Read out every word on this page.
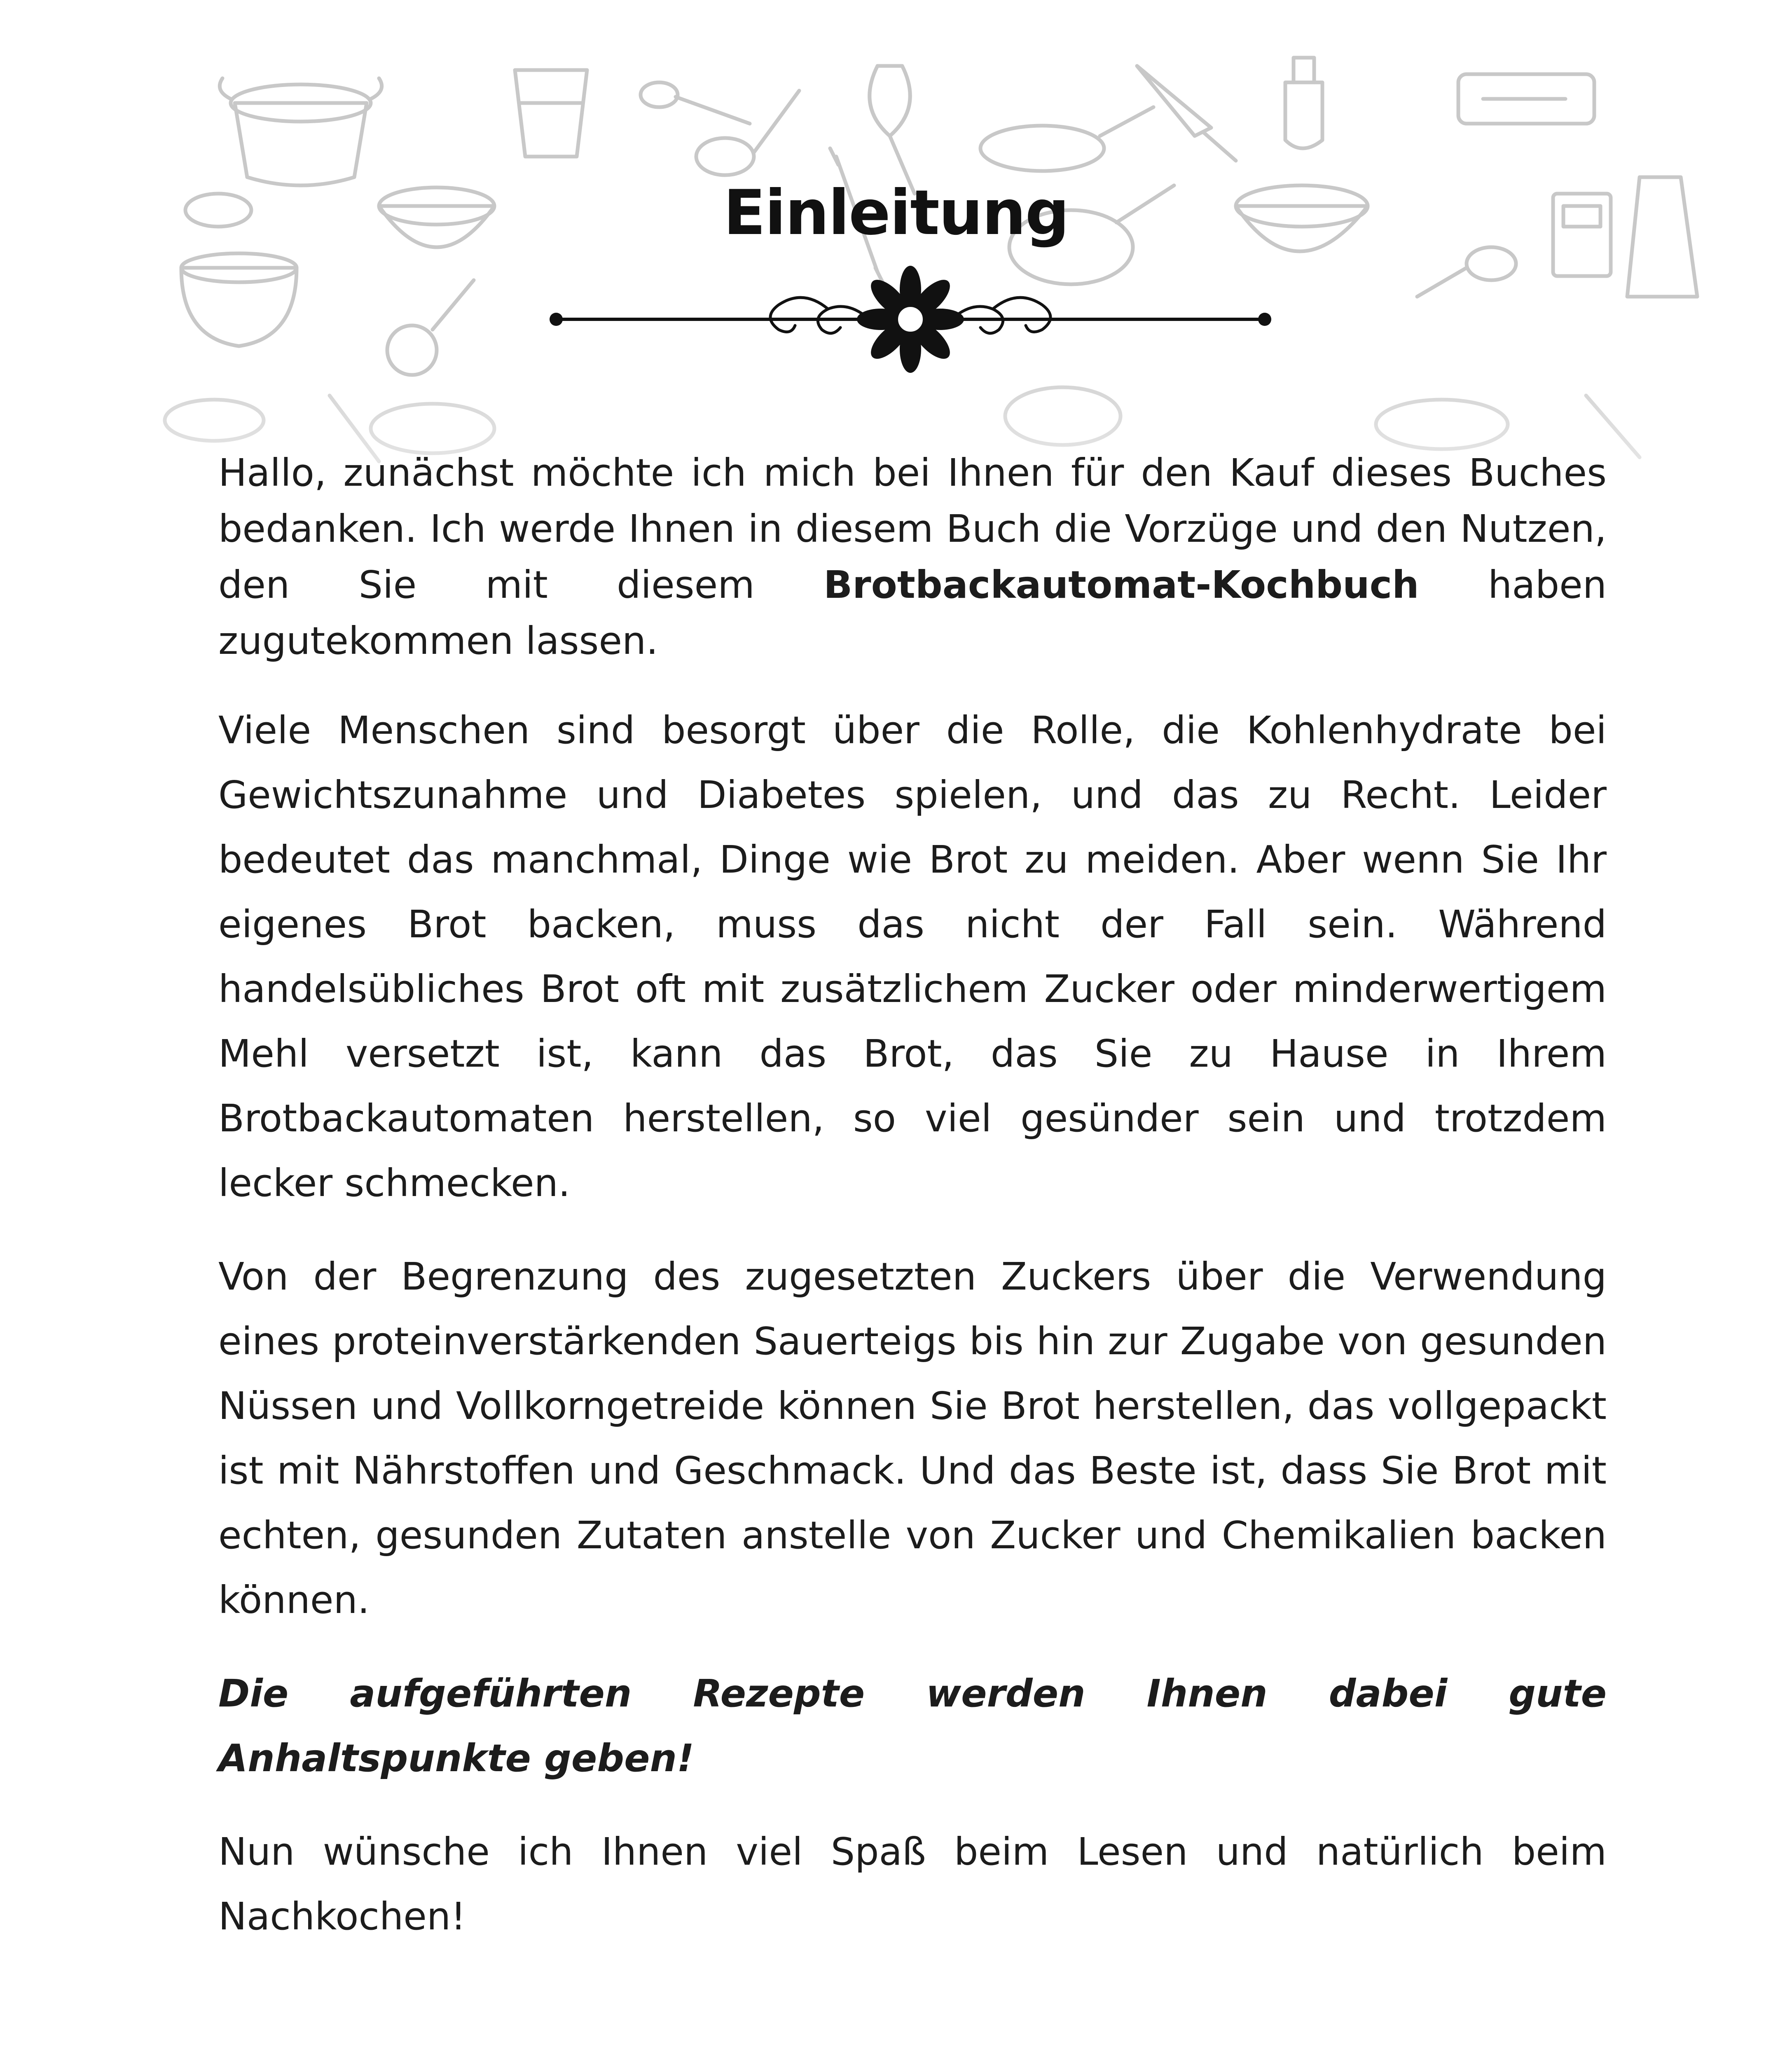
Einleitung

Hallo, zunächst möchte ich mich bei Ihnen für den Kauf dieses Buches bedanken. Ich werde Ihnen in diesem Buch die Vorzüge und den Nutzen, den Sie mit diesem Brotbackautomat-Kochbuch haben zugutekommen lassen.

Viele Menschen sind besorgt über die Rolle, die Kohlenhydrate bei Gewichtszunahme und Diabetes spielen, und das zu Recht. Leider bedeutet das manchmal, Dinge wie Brot zu meiden. Aber wenn Sie Ihr eigenes Brot backen, muss das nicht der Fall sein. Während handelsübliches Brot oft mit zusätzlichem Zucker oder minderwertigem Mehl versetzt ist, kann das Brot, das Sie zu Hause in Ihrem Brotbackautomaten herstellen, so viel gesünder sein und trotzdem lecker schmecken.

Von der Begrenzung des zugesetzten Zuckers über die Verwendung eines proteinverstärkenden Sauerteigs bis hin zur Zugabe von gesunden Nüssen und Vollkorngetreide können Sie Brot herstellen, das vollgepackt ist mit Nährstoffen und Geschmack. Und das Beste ist, dass Sie Brot mit echten, gesunden Zutaten anstelle von Zucker und Chemikalien backen können.

Die aufgeführten Rezepte werden Ihnen dabei gute Anhaltspunkte geben!

Nun wünsche ich Ihnen viel Spaß beim Lesen und natürlich beim Nachkochen!
